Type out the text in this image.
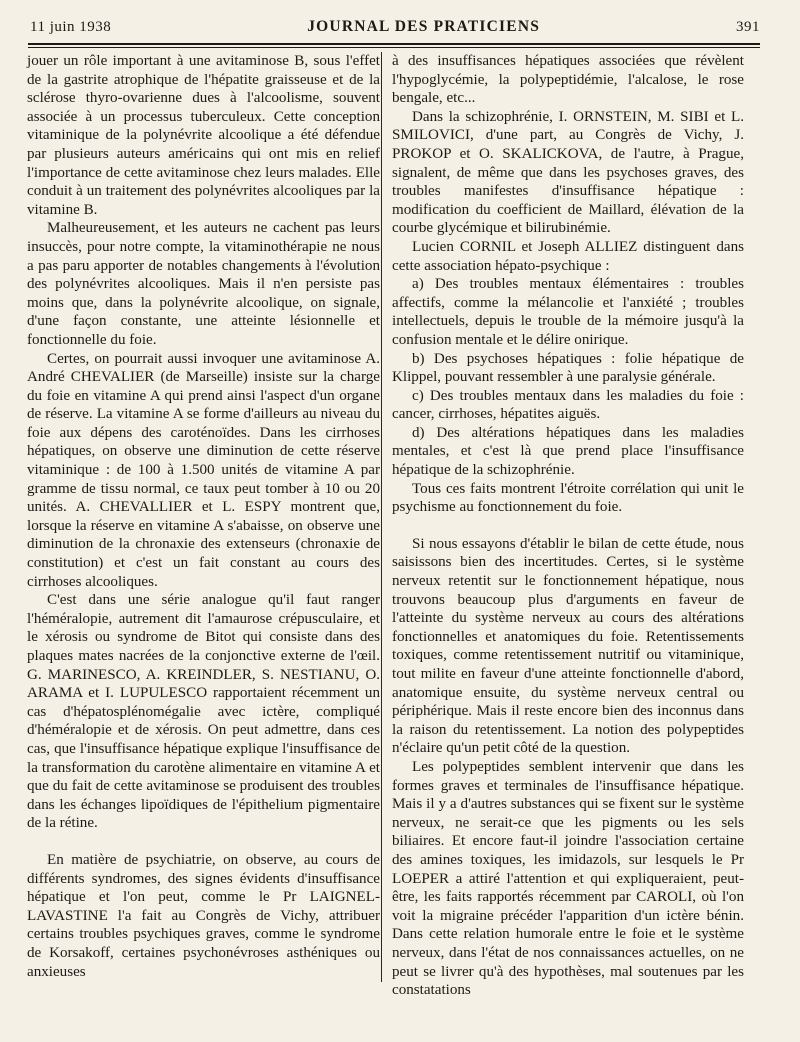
11 juin 1938	JOURNAL DES PRATICIENS	391

jouer un rôle important à une avitaminose B, sous l'effet de la gastrite atrophique de l'hépatite graisseuse et de la sclérose thyro-ovarienne dues à l'alcoolisme, souvent associée à un processus tuberculeux. Cette conception vitaminique de la polynévrite alcoolique a été défendue par plusieurs auteurs américains qui ont mis en relief l'importance de cette avitaminose chez leurs malades. Elle conduit à un traitement des polynévrites alcooliques par la vitamine B.

Malheureusement, et les auteurs ne cachent pas leurs insuccès, pour notre compte, la vitaminothérapie ne nous a pas paru apporter de notables changements à l'évolution des polynévrites alcooliques. Mais il n'en persiste pas moins que, dans la polynévrite alcoolique, on signale, d'une façon constante, une atteinte lésionnelle et fonctionnelle du foie.

Certes, on pourrait aussi invoquer une avitaminose A. André CHEVALIER (de Marseille) insiste sur la charge du foie en vitamine A qui prend ainsi l'aspect d'un organe de réserve. La vitamine A se forme d'ailleurs au niveau du foie aux dépens des caroténoïdes. Dans les cirrhoses hépatiques, on observe une diminution de cette réserve vitaminique : de 100 à 1.500 unités de vitamine A par gramme de tissu normal, ce taux peut tomber à 10 ou 20 unités. A. CHEVALLIER et L. ESPY montrent que, lorsque la réserve en vitamine A s'abaisse, on observe une diminution de la chronaxie des extenseurs (chronaxie de constitution) et c'est un fait constant au cours des cirrhoses alcooliques.

C'est dans une série analogue qu'il faut ranger l'héméralopie, autrement dit l'amaurose crépusculaire, et le xérosis ou syndrome de Bitot qui consiste dans des plaques mates nacrées de la conjonctive externe de l'œil. G. MARINESCO, A. KREINDLER, S. NESTIANU, O. ARAMA et I. LUPULESCO rapportaient récemment un cas d'hépatosplénomégalie avec ictère, compliqué d'héméralopie et de xérosis. On peut admettre, dans ces cas, que l'insuffisance hépatique explique l'insuffisance de la transformation du carotène alimentaire en vitamine A et que du fait de cette avitaminose se produisent des troubles dans les échanges lipoïdiques de l'épithelium pigmentaire de la rétine.

En matière de psychiatrie, on observe, au cours de différents syndromes, des signes évidents d'insuffisance hépatique et l'on peut, comme le Pr LAIGNEL-LAVASTINE l'a fait au Congrès de Vichy, attribuer certains troubles psychiques graves, comme le syndrome de Korsakoff, certaines psychonévroses asthéniques ou anxieuses

à des insuffisances hépatiques associées que révèlent l'hypoglycémie, la polypeptidémie, l'alcalose, le rose bengale, etc...

Dans la schizophrénie, I. ORNSTEIN, M. SIBI et L. SMILOVICI, d'une part, au Congrès de Vichy, J. PROKOP et O. SKALICKOVA, de l'autre, à Prague, signalent, de même que dans les psychoses graves, des troubles manifestes d'insuffisance hépatique : modification du coefficient de Maillard, élévation de la courbe glycémique et bilirubinémie.

Lucien CORNIL et Joseph ALLIEZ distinguent dans cette association hépato-psychique :

a) Des troubles mentaux élémentaires : troubles affectifs, comme la mélancolie et l'anxiété ; troubles intellectuels, depuis le trouble de la mémoire jusqu'à la confusion mentale et le délire onirique.

b) Des psychoses hépatiques : folie hépatique de Klippel, pouvant ressembler à une paralysie générale.

c) Des troubles mentaux dans les maladies du foie : cancer, cirrhoses, hépatites aiguës.

d) Des altérations hépatiques dans les maladies mentales, et c'est là que prend place l'insuffisance hépatique de la schizophrénie.

Tous ces faits montrent l'étroite corrélation qui unit le psychisme au fonctionnement du foie.

Si nous essayons d'établir le bilan de cette étude, nous saisissons bien des incertitudes. Certes, si le système nerveux retentit sur le fonctionnement hépatique, nous trouvons beaucoup plus d'arguments en faveur de l'atteinte du système nerveux au cours des altérations fonctionnelles et anatomiques du foie. Retentissements toxiques, comme retentissement nutritif ou vitaminique, tout milite en faveur d'une atteinte fonctionnelle d'abord, anatomique ensuite, du système nerveux central ou périphérique. Mais il reste encore bien des inconnus dans la raison du retentissement. La notion des polypeptides n'éclaire qu'un petit côté de la question.

Les polypeptides semblent intervenir que dans les formes graves et terminales de l'insuffisance hépatique. Mais il y a d'autres substances qui se fixent sur le système nerveux, ne serait-ce que les pigments ou les sels biliaires. Et encore faut-il joindre l'association certaine des amines toxiques, les imidazols, sur lesquels le Pr LOEPER a attiré l'attention et qui expliqueraient, peut-être, les faits rapportés récemment par CAROLI, où l'on voit la migraine précéder l'apparition d'un ictère bénin. Dans cette relation humorale entre le foie et le système nerveux, dans l'état de nos connaissances actuelles, on ne peut se livrer qu'à des hypothèses, mal soutenues par les constatations
